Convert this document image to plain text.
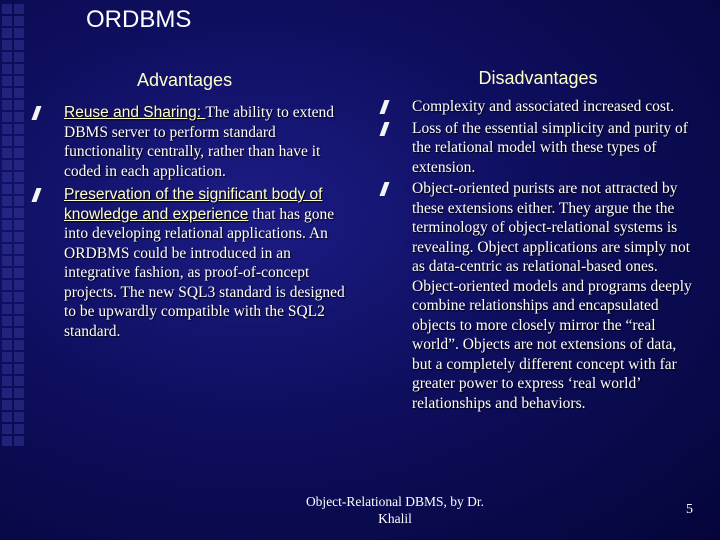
ORDBMS
Advantages
Reuse and Sharing: The ability to extend DBMS server to perform standard functionality centrally, rather than have it coded in each application.
Preservation of the significant body of knowledge and experience that has gone into developing relational applications. An ORDBMS could be introduced in an integrative fashion, as proof-of-concept projects. The new SQL3 standard is designed to be upwardly compatible with the SQL2 standard.
Disadvantages
Complexity and associated increased cost.
Loss of the essential simplicity and purity of the relational model with these types of extension.
Object-oriented purists are not attracted by these extensions either. They argue the the terminology of object-relational systems is revealing. Object applications are simply not as data-centric as relational-based ones. Object-oriented models and programs deeply combine relationships and encapsulated objects to more closely mirror the “real world”. Objects are not extensions of data, but a completely different concept with far greater power to express ‘real world’ relationships and behaviors.
Object-Relational DBMS, by Dr. Khalil
5
